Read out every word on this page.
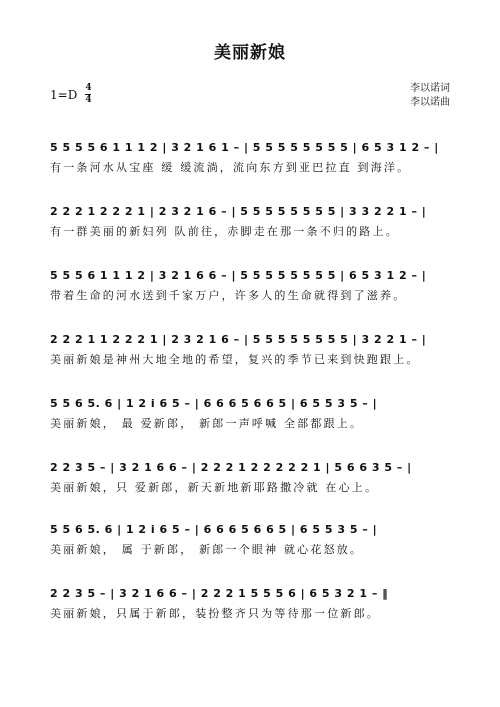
美丽新娘
1=D 4
4
李以诺词
李以诺曲
5 5 5 5 6 1 1 1 2 | 3 2 1 6 1 – | 5 5 5 5 5 5 5 5 | 6 5 3 1 2 – |
有一条河水从宝座 缓 缓流淌，流向东方到亚巴拉直 到海洋。
2 2 2 1 2 2 2 1 | 2 3 2 1 6 – | 5 5 5 5 5 5 5 5 | 3 3 2 2 1 – |
有一群美丽的新妇列 队前往，赤脚走在那一条不归的路上。
5 5 5 6 1 1 1 2 | 3 2 1 6 6 – | 5 5 5 5 5 5 5 5 | 6 5 3 1 2 – |
带着生命的河水送到千家万户，许多人的生命就得到了滋养。
2 2 2 1 1 2 2 2 1 | 2 3 2 1 6 – | 5 5 5 5 5 5 5 5 | 3 2 2 1 – |
美丽新娘是神州大地全地的希望，复兴的季节已来到快跑跟上。
5 5 6 5. 6 | 1 2 i 6 5 – | 6 6 6 5 6 6 5 | 6 5 5 3 5 – |
美丽新娘， 最 爱新郎， 新郎一声呼喊 全部都跟上。
2 2 3 5 – | 3 2 1 6 6 – | 2 2 2 1 2 2 2 2 2 1 | 5 6 6 3 5 – |
美丽新娘，只 爱新郎，新天新地新耶路撒冷就 在心上。
5 5 6 5. 6 | 1 2 i 6 5 – | 6 6 6 5 6 6 5 | 6 5 5 3 5 – |
美丽新娘， 属 于新郎， 新郎一个眼神 就心花怒放。
2 2 3 5 – | 3 2 1 6 6 – | 2 2 2 1 5 5 5 6 | 6 5 3 2 1 – ‖
美丽新娘，只属于新郎，装扮整齐只为等待那一位新郎。
